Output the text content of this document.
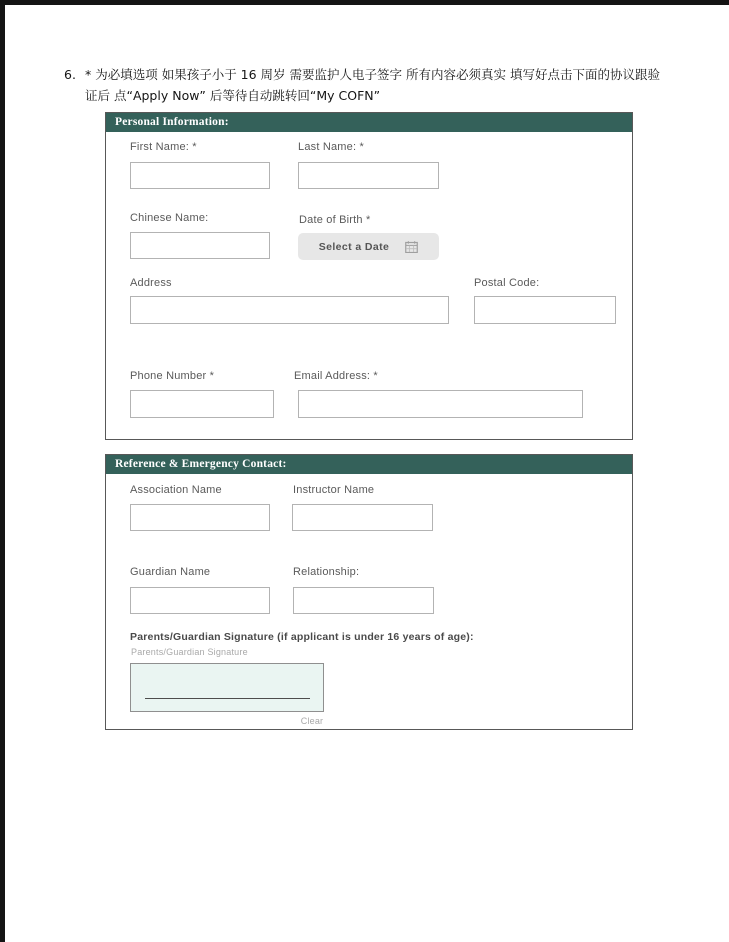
6. * 为必填选项 如果孩子小于 16 周岁 需要监护人电子签字 所有内容必须真实 填写好点击下面的协议跟验
证后 点“Apply Now” 后等待自动跳转回“My COFN”
Personal Information:
First Name: *	Last Name: *
Chinese Name:	Date of Birth *
Select a Date
Address	Postal Code:
Phone Number *	Email Address: *
Reference & Emergency Contact:
Association Name	Instructor Name
Guardian Name	Relationship:
Parents/Guardian Signature (if applicant is under 16 years of age):
Parents/Guardian Signature
Clear
